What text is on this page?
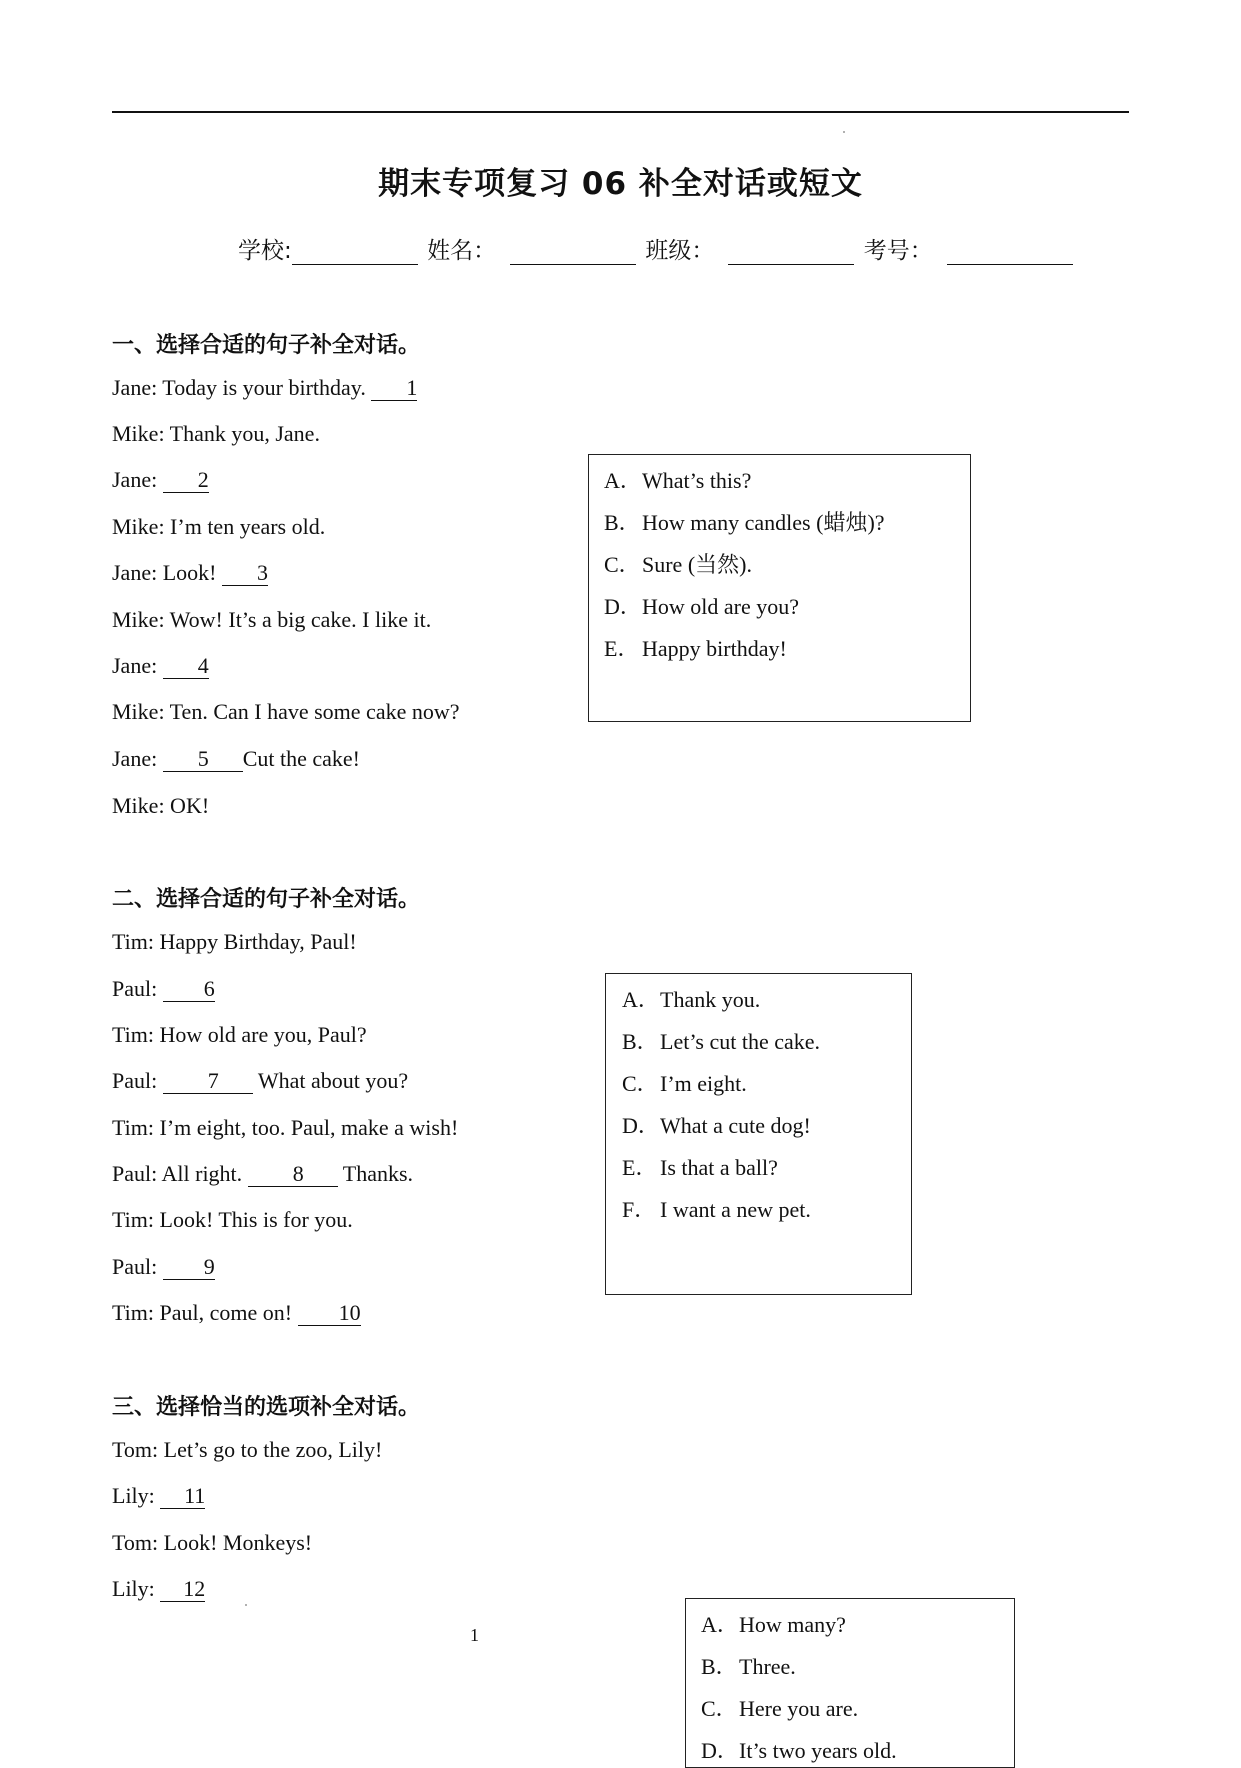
期末专项复习 06 补全对话或短文
学校:	姓名：	班级：	考号：
一、选择合适的句子补全对话。
Jane: Today is your birthday. 1
Mike: Thank you, Jane.
Jane: 2
Mike: I’m ten years old.
Jane: Look! 3
Mike: Wow! It’s a big cake. I like it.
Jane: 4
Mike: Ten. Can I have some cake now?
Jane: 5 Cut the cake!
Mike: OK!
A．What’s this?
B．How many candles (蜡烛)?
C．Sure (当然).
D．How old are you?
E． Happy birthday!
二、选择合适的句子补全对话。
Tim: Happy Birthday, Paul!
Paul: 6
Tim: How old are you, Paul?
Paul: 7 What about you?
Tim: I’m eight, too. Paul, make a wish!
Paul: All right. 8 Thanks.
Tim: Look! This is for you.
Paul: 9
Tim: Paul, come on! 10
A．Thank you.
B．Let’s cut the cake.
C．I’m eight.
D．What a cute dog!
E． Is that a ball?
F． I want a new pet.
三、选择恰当的选项补全对话。
Tom: Let’s go to the zoo, Lily!
Lily: 11
Tom: Look! Monkeys!
Lily: 12
A．How many?
B．Three.
C．Here you are.
D．It’s two years old.
1
